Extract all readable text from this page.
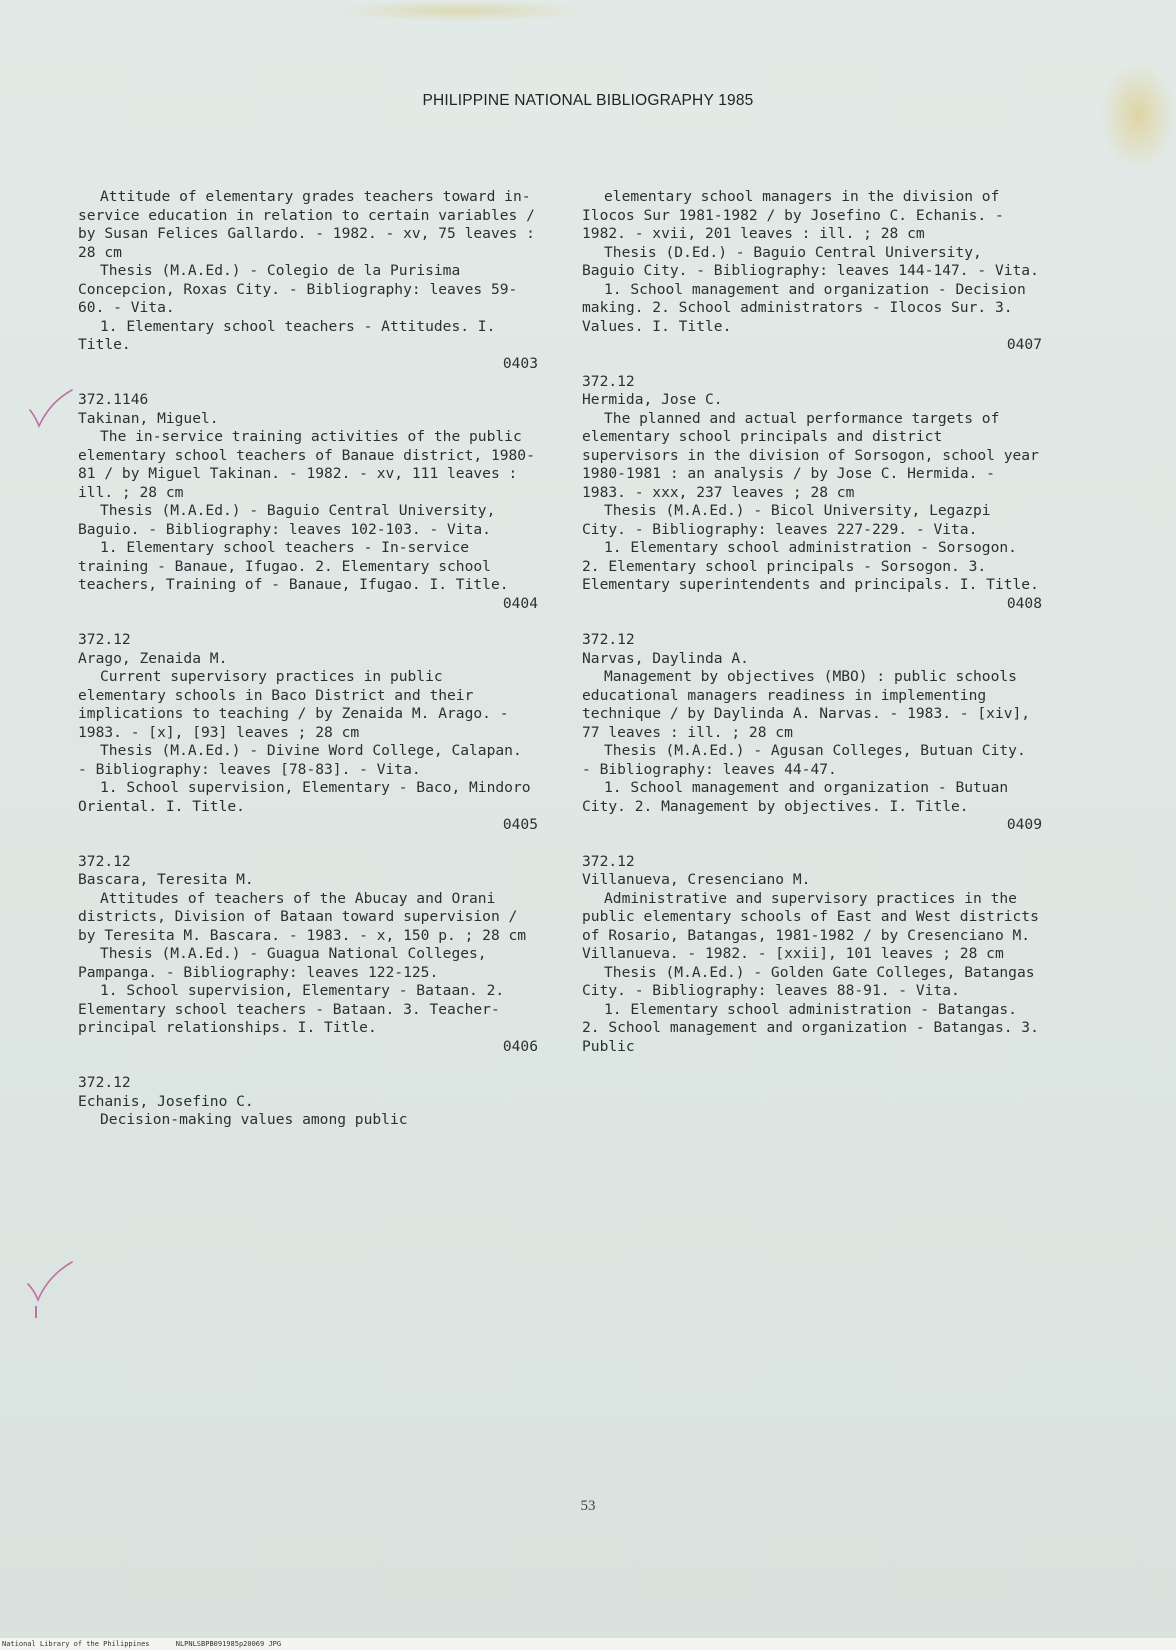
PHILIPPINE NATIONAL BIBLIOGRAPHY 1985

Attitude of elementary grades teachers toward in-service education in relation to certain variables / by Susan Felices Gallardo. - 1982. - xv, 75 leaves : 28 cm

Thesis (M.A.Ed.) - Colegio de la Purisima Concepcion, Roxas City. - Bibliography: leaves 59-60. - Vita.

1. Elementary school teachers - Attitudes. I. Title.

0403

372.1146

Takinan, Miguel.

The in-service training activities of the public elementary school teachers of Banaue district, 1980-81 / by Miguel Takinan. - 1982. - xv, 111 leaves : ill. ; 28 cm

Thesis (M.A.Ed.) - Baguio Central University, Baguio. - Bibliography: leaves 102-103. - Vita.

1. Elementary school teachers - In-service training - Banaue, Ifugao. 2. Elementary school teachers, Training of - Banaue, Ifugao. I. Title.

0404

372.12

Arago, Zenaida M.

Current supervisory practices in public elementary schools in Baco District and their implications to teaching / by Zenaida M. Arago. - 1983. - [x], [93] leaves ; 28 cm

Thesis (M.A.Ed.) - Divine Word College, Calapan. - Bibliography: leaves [78-83]. - Vita.

1. School supervision, Elementary - Baco, Mindoro Oriental. I. Title.

0405

372.12

Bascara, Teresita M.

Attitudes of teachers of the Abucay and Orani districts, Division of Bataan toward supervision / by Teresita M. Bascara. - 1983. - x, 150 p. ; 28 cm

Thesis (M.A.Ed.) - Guagua National Colleges, Pampanga. - Bibliography: leaves 122-125.

1. School supervision, Elementary - Bataan. 2. Elementary school teachers - Bataan. 3. Teacher-principal relationships. I. Title.

0406

372.12

Echanis, Josefino C.

Decision-making values among public

elementary school managers in the division of Ilocos Sur 1981-1982 / by Josefino C. Echanis. - 1982. - xvii, 201 leaves : ill. ; 28 cm

Thesis (D.Ed.) - Baguio Central University, Baguio City. - Bibliography: leaves 144-147. - Vita.

1. School management and organization - Decision making. 2. School administrators - Ilocos Sur. 3. Values. I. Title.

0407

372.12

Hermida, Jose C.

The planned and actual performance targets of elementary school principals and district supervisors in the division of Sorsogon, school year 1980-1981 : an analysis / by Jose C. Hermida. - 1983. - xxx, 237 leaves ; 28 cm

Thesis (M.A.Ed.) - Bicol University, Legazpi City. - Bibliography: leaves 227-229. - Vita.

1. Elementary school administration - Sorsogon. 2. Elementary school principals - Sorsogon. 3. Elementary superintendents and principals. I. Title.

0408

372.12

Narvas, Daylinda A.

Management by objectives (MBO) : public schools educational managers readiness in implementing technique / by Daylinda A. Narvas. - 1983. - [xiv], 77 leaves : ill. ; 28 cm

Thesis (M.A.Ed.) - Agusan Colleges, Butuan City. - Bibliography: leaves 44-47.

1. School management and organization - Butuan City. 2. Management by objectives. I. Title.

0409

372.12

Villanueva, Cresenciano M.

Administrative and supervisory practices in the public elementary schools of East and West districts of Rosario, Batangas, 1981-1982 / by Cresenciano M. Villanueva. - 1982. - [xxii], 101 leaves ; 28 cm

Thesis (M.A.Ed.) - Golden Gate Colleges, Batangas City. - Bibliography: leaves 88-91. - Vita.

1. Elementary school administration - Batangas. 2. School management and organization - Batangas. 3. Public

53
National Library of the Philippines	NLPNLSBPB091985p20069 JPG
